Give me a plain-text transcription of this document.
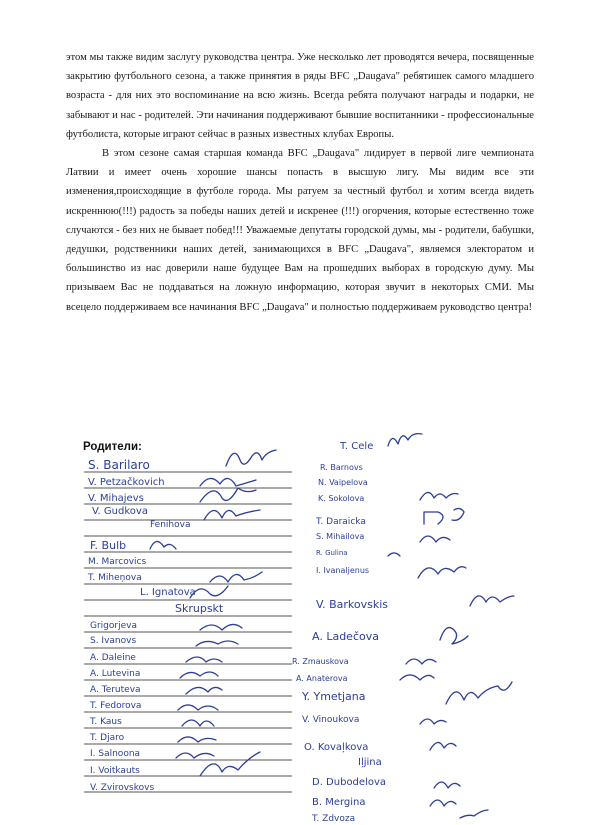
этом мы также видим заслугу руководства центра. Уже несколько лет проводятся вечера, посвященные закрытию футбольного сезона, а также принятия в ряды BFC „Daugava" ребятишек самого младшего возраста - для них это воспоминание на всю жизнь. Всегда ребята получают награды и подарки, не забывают и нас - родителей. Эти начинания поддерживают бывшие воспитанники - профессиональные футболиста, которые играют сейчас в разных известных клубах Европы.

В этом сезоне самая старшая команда BFC „Daugava" лидирует в первой лиге чемпионата Латвии и имеет очень хорошие шансы попасть в высшую лигу. Мы видим все эти изменения,происходящие в футболе города. Мы ратуем за честный футбол и хотим всегда видеть искреннюю(!!!) радость за победы наших детей и искренее (!!!) огорчения, которые естественно тоже случаются - без них не бывает побед!!! Уважаемые депутаты городской думы, мы - родители, бабушки, дедушки, родственники наших детей, занимающихся в BFC „Daugava", являемся электоратом и большинство из нас доверили наше будущее Вам на прошедших выборах в городскую думу. Мы призываем Вас не поддаваться на ложную информацию, которая звучит в некоторых СМИ. Мы всецело поддерживаем все начинания BFC „Daugava" и полностью поддерживаем руководство центра!

Родители:
S. Barilaro
V. Petzačkovich
V. Mihajevs
V. Gudkova
Fenihova
F. Bulb
M. Marcovics
T. Miheņova
L. Ignatova
Skrupskt
Grigorjeva
S. Ivanovs
A. Daleine
A. Lutevina
A. Teruteva
T. Fedorova
T. Kaus
T. Djaro
I. Salnoona
I. Voitkauts
V. Zvirovskovs
T. Cele
R. Barnovs
N. Vaipelova
K. Sokolova
T. Daraicka
S. Mihailova
R. Gulina
I. Ivanaljenus
V. Barkovskis
A. Ladečova
R. Zmauskova
A. Anaterova
Y. Ymetjana
V. Vinoukova
O. Kovaļkova
Iļjina
D. Dubodelova
B. Mergina
T. Zdvoza
